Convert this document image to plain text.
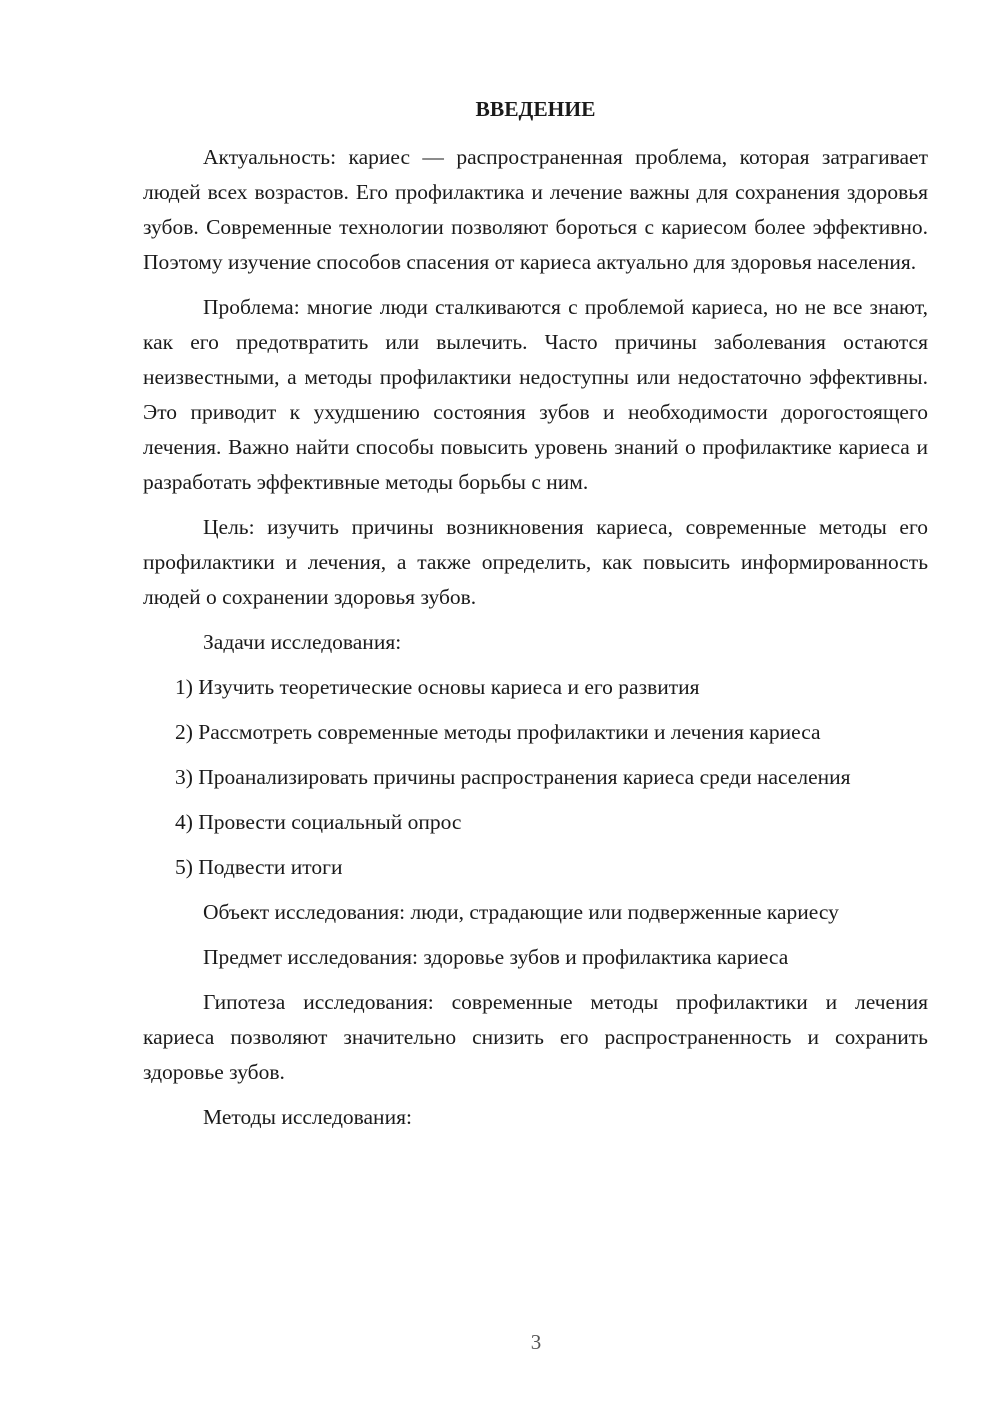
ВВЕДЕНИЕ

Актуальность: кариес — распространенная проблема, которая затрагивает людей всех возрастов. Его профилактика и лечение важны для сохранения здоровья зубов. Современные технологии позволяют бороться с кариесом более эффективно. Поэтому изучение способов спасения от кариеса актуально для здоровья населения.

Проблема: многие люди сталкиваются с проблемой кариеса, но не все знают, как его предотвратить или вылечить. Часто причины заболевания остаются неизвестными, а методы профилактики недоступны или недостаточно эффективны. Это приводит к ухудшению состояния зубов и необходимости дорогостоящего лечения. Важно найти способы повысить уровень знаний о профилактике кариеса и разработать эффективные методы борьбы с ним.

Цель: изучить причины возникновения кариеса, современные методы его профилактики и лечения, а также определить, как повысить информированность людей о сохранении здоровья зубов.

Задачи исследования:

1) Изучить теоретические основы кариеса и его развития

2) Рассмотреть современные методы профилактики и лечения кариеса

3) Проанализировать причины распространения кариеса среди населения

4) Провести социальный опрос

5) Подвести итоги

Объект исследования: люди, страдающие или подверженные кариесу

Предмет исследования: здоровье зубов и профилактика кариеса

Гипотеза исследования: современные методы профилактики и лечения кариеса позволяют значительно снизить его распространенность и сохранить здоровье зубов.

Методы исследования:

3
